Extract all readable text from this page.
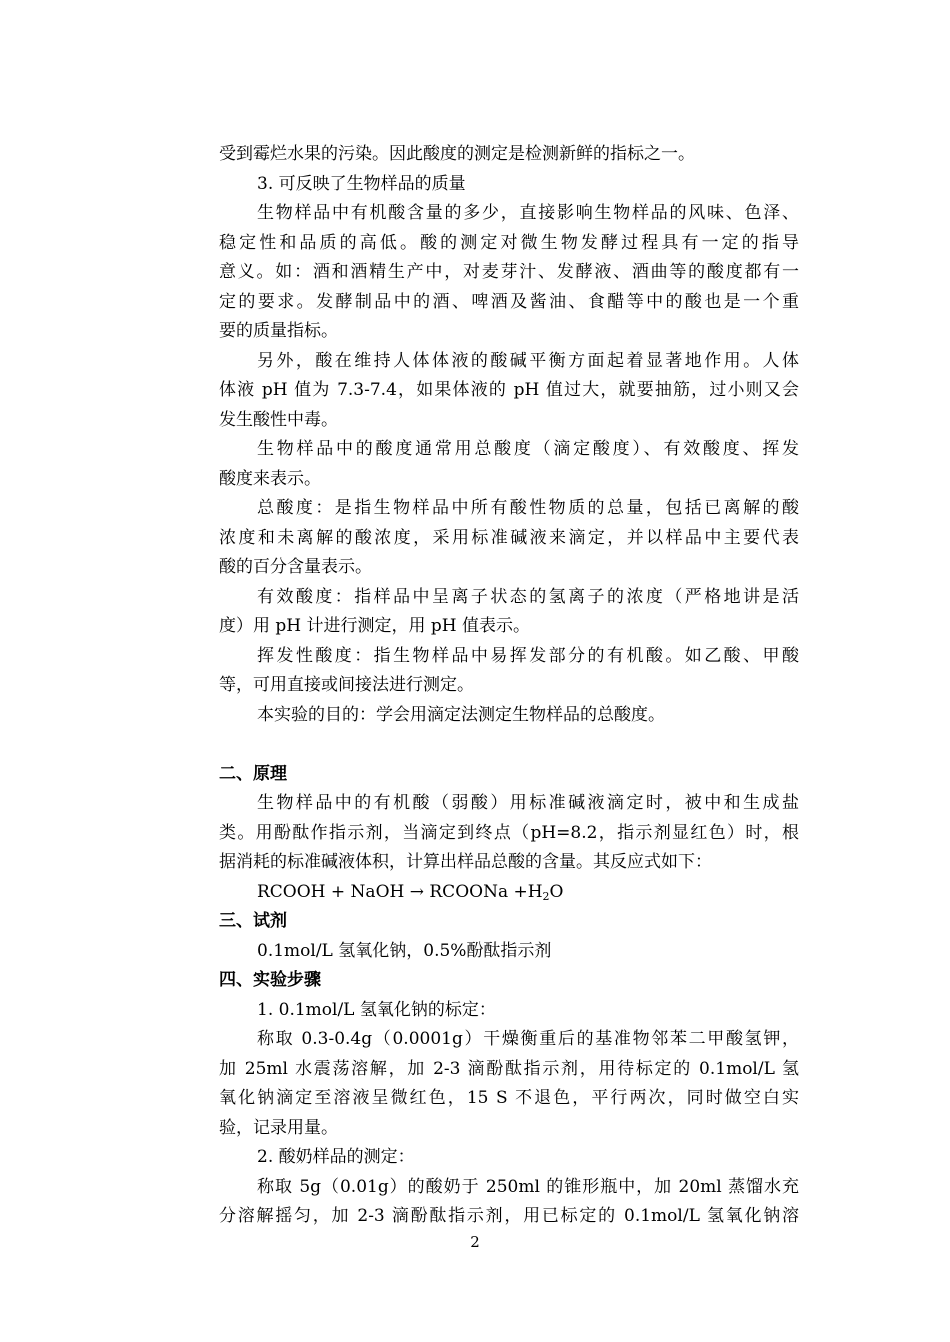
受到霉烂水果的污染。因此酸度的测定是检测新鲜的指标之一。
3. 可反映了生物样品的质量
生物样品中有机酸含量的多少，直接影响生物样品的风味、色泽、
稳定性和品质的高低。酸的测定对微生物发酵过程具有一定的指导
意义。如：酒和酒精生产中，对麦芽汁、发酵液、酒曲等的酸度都有一
定的要求。发酵制品中的酒、啤酒及酱油、食醋等中的酸也是一个重
要的质量指标。
另外，酸在维持人体体液的酸碱平衡方面起着显著地作用。人体
体液 pH 值为 7.3-7.4，如果体液的 pH 值过大，就要抽筋，过小则又会
发生酸性中毒。
生物样品中的酸度通常用总酸度（滴定酸度）、有效酸度、挥发
酸度来表示。
总酸度：是指生物样品中所有酸性物质的总量，包括已离解的酸
浓度和未离解的酸浓度，采用标准碱液来滴定，并以样品中主要代表
酸的百分含量表示。
有效酸度：指样品中呈离子状态的氢离子的浓度（严格地讲是活
度）用 pH 计进行测定，用 pH 值表示。
挥发性酸度：指生物样品中易挥发部分的有机酸。如乙酸、甲酸
等，可用直接或间接法进行测定。
本实验的目的：学会用滴定法测定生物样品的总酸度。
二、原理
生物样品中的有机酸（弱酸）用标准碱液滴定时，被中和生成盐
类。用酚酞作指示剂，当滴定到终点（pH=8.2，指示剂显红色）时，根
据消耗的标准碱液体积，计算出样品总酸的含量。其反应式如下：
RCOOH + NaOH → RCOONa $+H_2O$
三、试剂
0.1mol/L 氢氧化钠，0.5%酚酞指示剂
四、实验步骤
1. 0.1mol/L 氢氧化钠的标定：
称取 0.3-0.4g（0.0001g）干燥衡重后的基准物邻苯二甲酸氢钾，
加 25ml 水震荡溶解，加 2-3 滴酚酞指示剂，用待标定的 0.1mol/L 氢
氧化钠滴定至溶液呈微红色，15 S 不退色，平行两次，同时做空白实
验，记录用量。
2. 酸奶样品的测定：
称取 5g（0.01g）的酸奶于 250ml 的锥形瓶中，加 20ml 蒸馏水充
分溶解摇匀，加 2-3 滴酚酞指示剂，用已标定的 0.1mol/L 氢氧化钠溶
2
